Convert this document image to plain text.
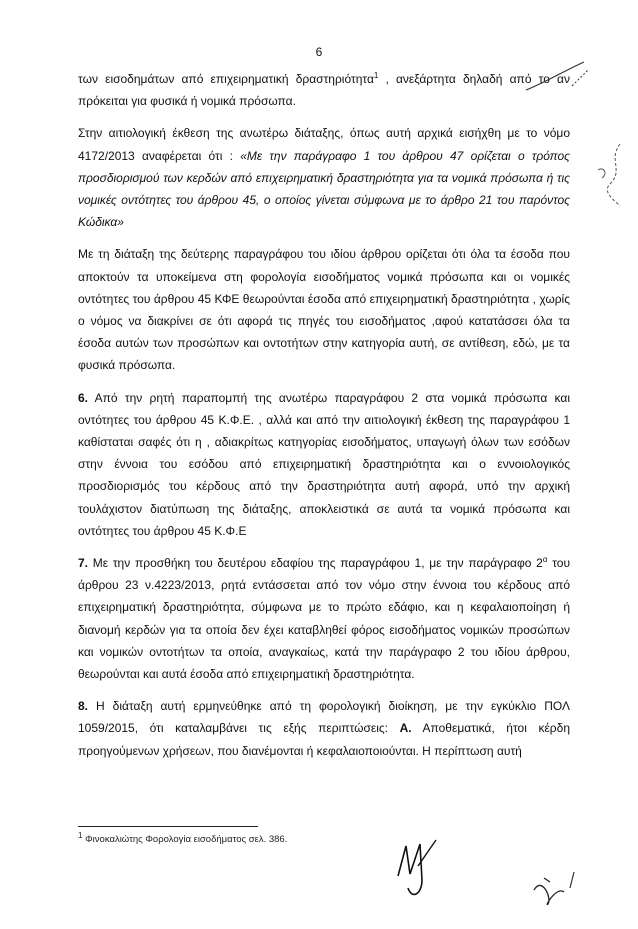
6

των εισοδημάτων από επιχειρηματική δραστηριότητα$^1$ , ανεξάρτητα δηλαδή από το αν πρόκειται για φυσικά ή νομικά πρόσωπα.

Στην αιτιολογική έκθεση της ανωτέρω διάταξης, όπως αυτή αρχικά εισήχθη με το νόμο 4172/2013 αναφέρεται ότι : «Με την παράγραφο 1 του άρθρου 47 ορίζεται ο τρόπος προσδιορισμού των κερδών από επιχειρηματική δραστηριότητα για τα νομικά πρόσωπα ή τις νομικές οντότητες του άρθρου 45, ο οποίος γίνεται σύμφωνα με το άρθρο 21 του παρόντος Κώδικα»

Με τη διάταξη της δεύτερης παραγράφου του ιδίου άρθρου ορίζεται ότι όλα τα έσοδα που αποκτούν τα υποκείμενα στη φορολογία εισοδήματος νομικά πρόσωπα και οι νομικές οντότητες του άρθρου 45 ΚΦΕ θεωρούνται έσοδα από επιχειρηματική δραστηριότητα , χωρίς ο νόμος να διακρίνει σε ότι αφορά τις πηγές του εισοδήματος ,αφού κατατάσσει όλα τα έσοδα αυτών των προσώπων και οντοτήτων στην κατηγορία αυτή, σε αντίθεση, εδώ, με τα φυσικά πρόσωπα.

6. Από την ρητή παραπομπή της ανωτέρω παραγράφου 2 στα νομικά πρόσωπα και οντότητες του άρθρου 45 Κ.Φ.Ε. , αλλά και από την αιτιολογική έκθεση της παραγράφου 1 καθίσταται σαφές ότι η , αδιακρίτως κατηγορίας εισοδήματος, υπαγωγή όλων των εσόδων στην έννοια του εσόδου από επιχειρηματική δραστηριότητα και ο εννοιολογικός προσδιορισμός του κέρδους από την δραστηριότητα αυτή αφορά, υπό την αρχική τουλάχιστον διατύπωση της διάταξης, αποκλειστικά σε αυτά τα νομικά πρόσωπα και οντότητες του άρθρου 45 Κ.Φ.Ε

7. Με την προσθήκη του δευτέρου εδαφίου της παραγράφου 1, με την παράγραφο $2^\alpha$ του άρθρου 23 ν.4223/2013, ρητά εντάσσεται από τον νόμο στην έννοια του κέρδους από επιχειρηματική δραστηριότητα, σύμφωνα με το πρώτο εδάφιο, και η κεφαλαιοποίηση ή διανομή κερδών για τα οποία δεν έχει καταβληθεί φόρος εισοδήματος νομικών προσώπων και νομικών οντοτήτων τα οποία, αναγκαίως, κατά την παράγραφο 2 του ιδίου άρθρου, θεωρούνται και αυτά έσοδα από επιχειρηματική δραστηριότητα.

8. Η διάταξη αυτή ερμηνεύθηκε από τη φορολογική διοίκηση, με την εγκύκλιο ΠΟΛ 1059/2015, ότι καταλαμβάνει τις εξής περιπτώσεις: Α. Αποθεματικά, ήτοι κέρδη προηγούμενων χρήσεων, που διανέμονται ή κεφαλαιοποιούνται. Η περίπτωση αυτή

$^1$ Φινοκαλιώτης Φορολογία εισοδήματος σελ. 386.
